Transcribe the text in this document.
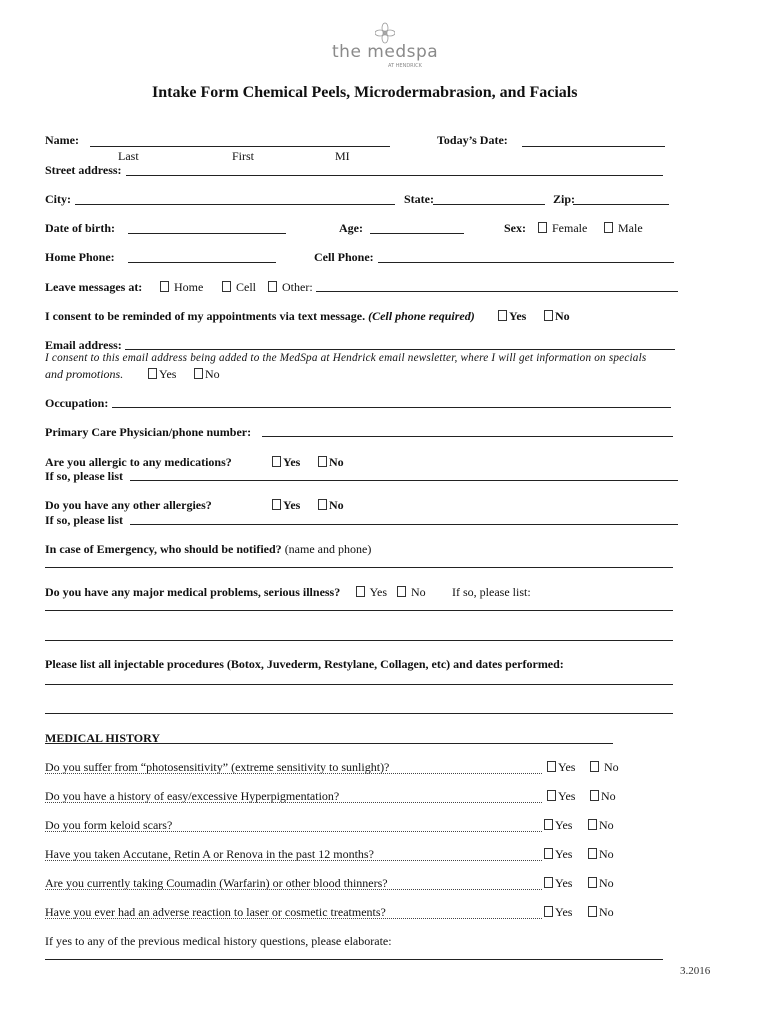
the medspa
AT HENDRICK
Intake Form Chemical Peels, Microdermabrasion, and Facials
Name:	Today’s Date:
Last	First	MI
Street address:
City:	State:	Zip:
Date of birth:	Age:	Sex:	Female	Male
Home Phone:	Cell Phone:
Leave messages at:	Home	Cell	Other:
I consent to be reminded of my appointments via text message. (Cell phone required)	Yes	No
Email address:
I consent to this email address being added to the MedSpa at Hendrick email newsletter, where I will get information on specials
and promotions.	Yes	No
Occupation:
Primary Care Physician/phone number:
Are you allergic to any medications?	Yes	No
If so, please list
Do you have any other allergies?	Yes	No
If so, please list
In case of Emergency, who should be notified? (name and phone)
Do you have any major medical problems, serious illness?	Yes	No If so, please list:
Please list all injectable procedures (Botox, Juvederm, Restylane, Collagen, etc) and dates performed:
MEDICAL HISTORY
Do you suffer from “photosensitivity” (extreme sensitivity to sunlight)?	Yes	No
Do you have a history of easy/excessive Hyperpigmentation?	Yes	No
Do you form keloid scars?	Yes	No
Have you taken Accutane, Retin A or Renova in the past 12 months?	Yes	No
Are you currently taking Coumadin (Warfarin) or other blood thinners?	Yes	No
Have you ever had an adverse reaction to laser or cosmetic treatments?	Yes	No
If yes to any of the previous medical history questions, please elaborate:
3.2016
